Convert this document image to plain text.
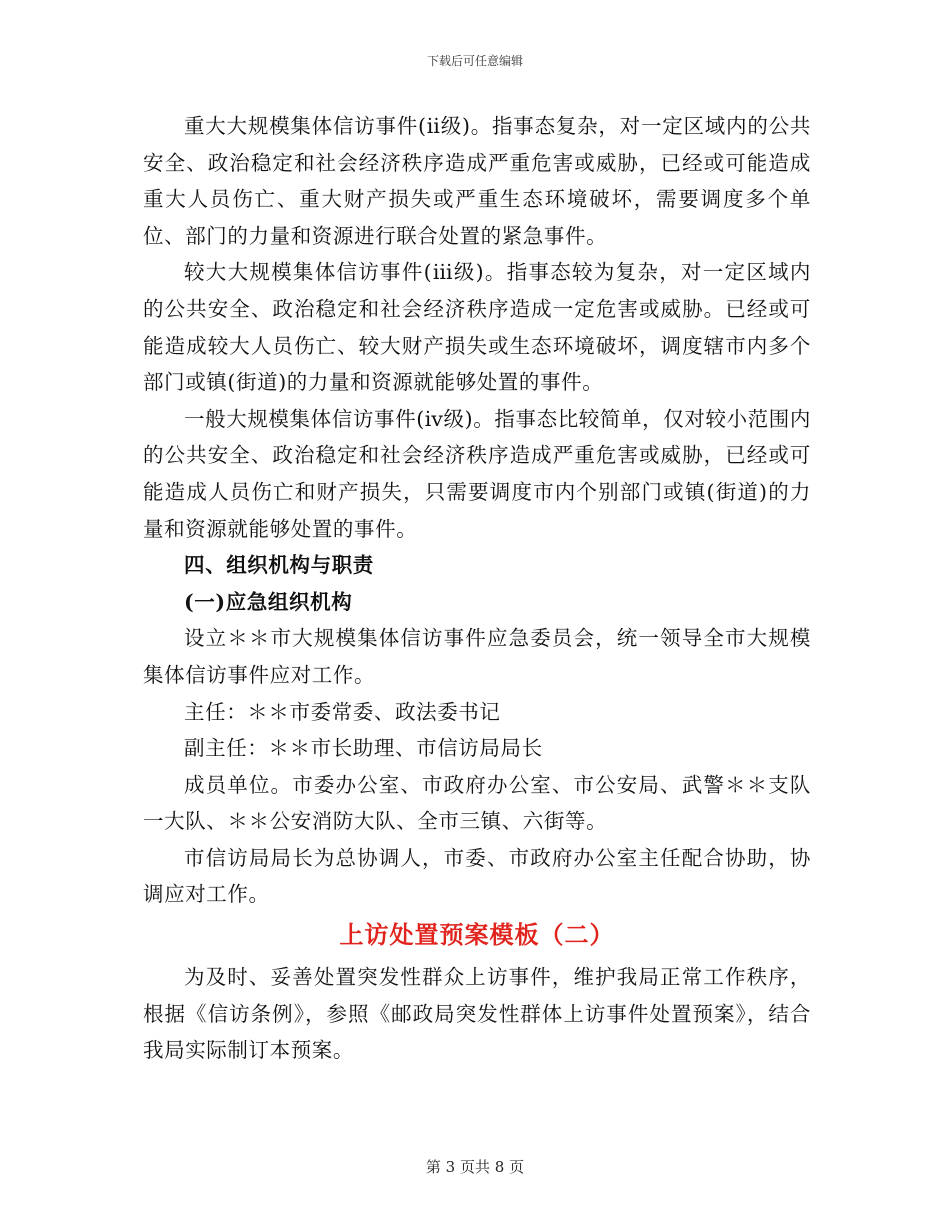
下载后可任意编辑

重大大规模集体信访事件(ⅱ级)。指事态复杂，对一定区域内的公共安全、政治稳定和社会经济秩序造成严重危害或威胁，已经或可能造成重大人员伤亡、重大财产损失或严重生态环境破坏，需要调度多个单位、部门的力量和资源进行联合处置的紧急事件。

较大大规模集体信访事件(ⅲ级)。指事态较为复杂，对一定区域内的公共安全、政治稳定和社会经济秩序造成一定危害或威胁。已经或可能造成较大人员伤亡、较大财产损失或生态环境破坏，调度辖市内多个部门或镇(街道)的力量和资源就能够处置的事件。

一般大规模集体信访事件(ⅳ级)。指事态比较简单，仅对较小范围内的公共安全、政治稳定和社会经济秩序造成严重危害或威胁，已经或可能造成人员伤亡和财产损失，只需要调度市内个别部门或镇(街道)的力量和资源就能够处置的事件。

四、组织机构与职责

(一)应急组织机构

设立＊＊市大规模集体信访事件应急委员会，统一领导全市大规模集体信访事件应对工作。

主任：＊＊市委常委、政法委书记

副主任：＊＊市长助理、市信访局局长

成员单位。市委办公室、市政府办公室、市公安局、武警＊＊支队一大队、＊＊公安消防大队、全市三镇、六街等。

市信访局局长为总协调人，市委、市政府办公室主任配合协助，协调应对工作。

上访处置预案模板（二）

为及时、妥善处置突发性群众上访事件，维护我局正常工作秩序，根据《信访条例》，参照《邮政局突发性群体上访事件处置预案》，结合我局实际制订本预案。

第 3 页共 8 页
